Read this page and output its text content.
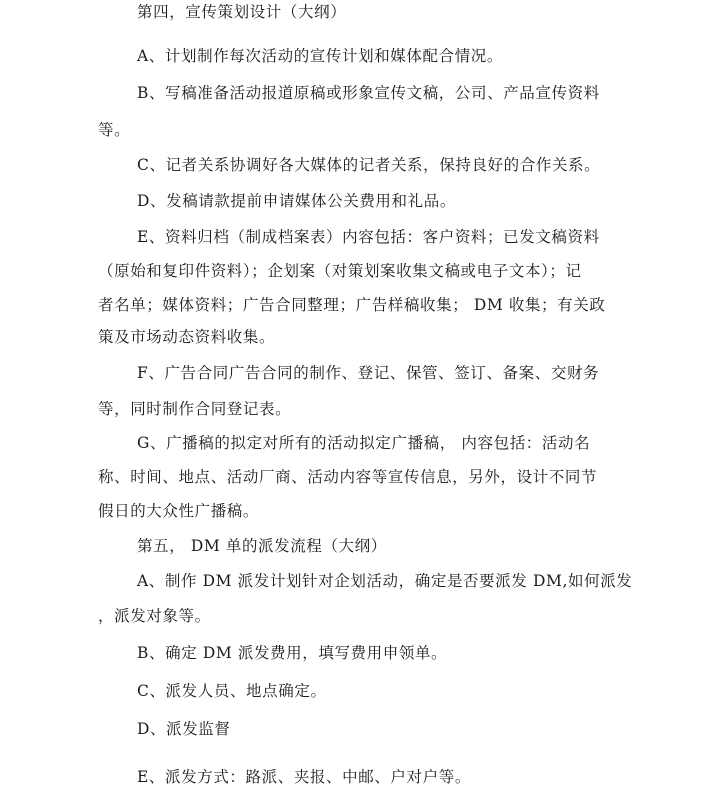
第四，宣传策划设计（大纲）
A、计划制作每次活动的宣传计划和媒体配合情况。
B、写稿准备活动报道原稿或形象宣传文稿，公司、产品宣传资料
等。
C、记者关系协调好各大媒体的记者关系，保持良好的合作关系。
D、发稿请款提前申请媒体公关费用和礼品。
E、资料归档（制成档案表）内容包括：客户资料；已发文稿资料
（原始和复印件资料）；企划案（对策划案收集文稿或电子文本）；记
者名单；媒体资料；广告合同整理；广告样稿收集； DM 收集；有关政
策及市场动态资料收集。
F、广告合同广告合同的制作、登记、保管、签订、备案、交财务
等，同时制作合同登记表。
G、广播稿的拟定对所有的活动拟定广播稿， 内容包括：活动名
称、时间、地点、活动厂商、活动内容等宣传信息，另外，设计不同节
假日的大众性广播稿。
第五， DM 单的派发流程（大纲）
A、制作 DM 派发计划针对企划活动，确定是否要派发 DM,如何派发
，派发对象等。
B、确定 DM 派发费用，填写费用申领单。
C、派发人员、地点确定。
D、派发监督
E、派发方式：路派、夹报、中邮、户对户等。
